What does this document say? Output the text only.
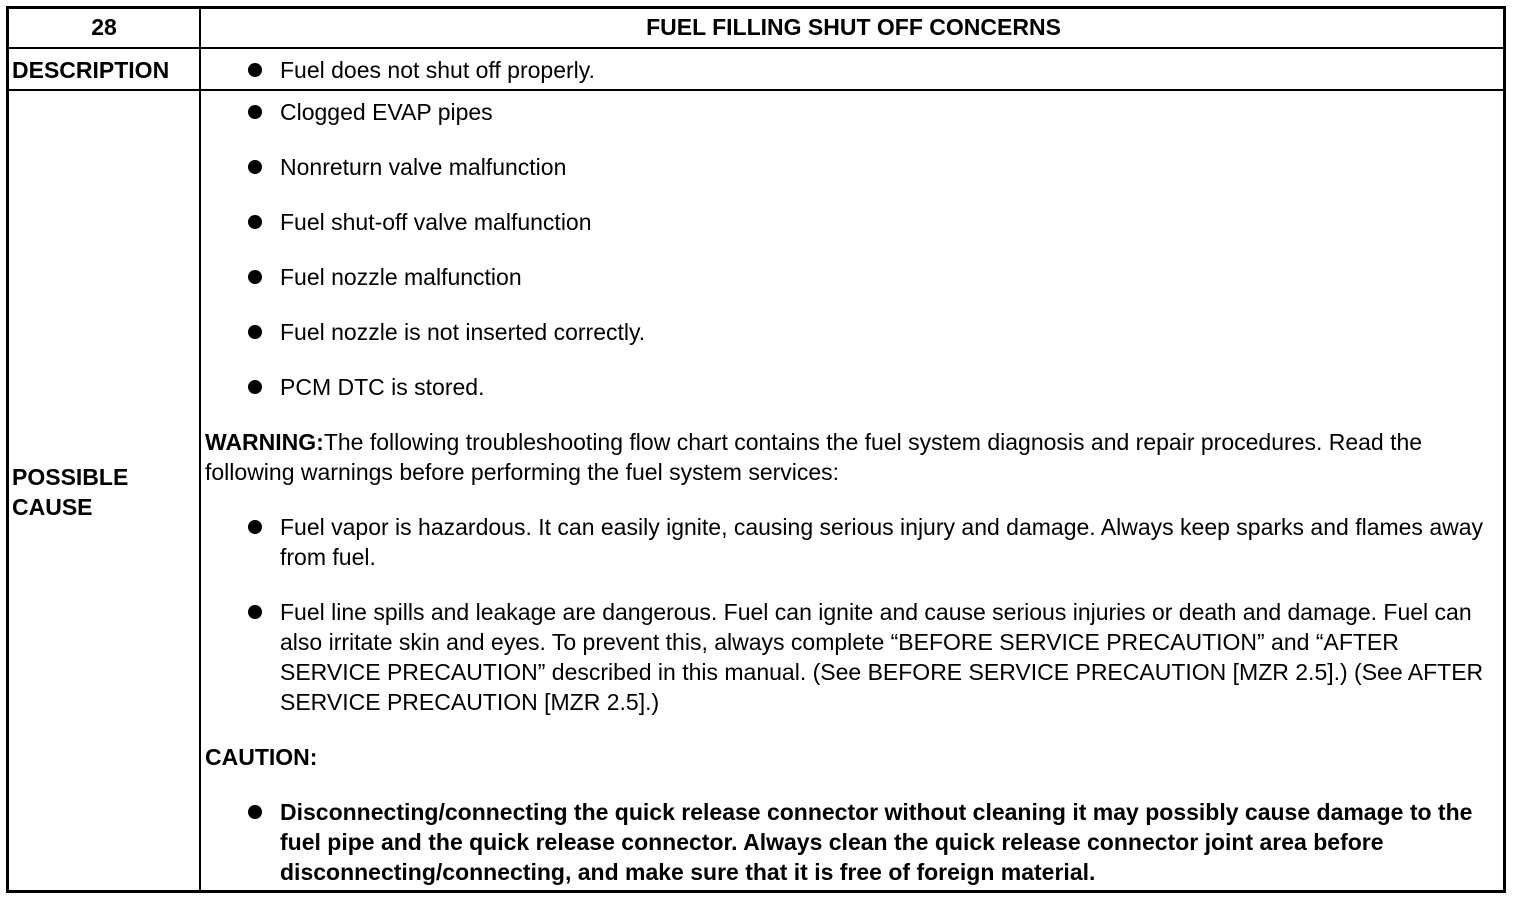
28	FUEL FILLING SHUT OFF CONCERNS
DESCRIPTION
POSSIBLE CAUSE
Fuel does not shut off properly.
Clogged EVAP pipes
Nonreturn valve malfunction
Fuel shut-off valve malfunction
Fuel nozzle malfunction
Fuel nozzle is not inserted correctly.
PCM DTC is stored.
WARNING:The following troubleshooting flow chart contains the fuel system diagnosis and repair procedures. Read the following warnings before performing the fuel system services:
Fuel vapor is hazardous. It can easily ignite, causing serious injury and damage. Always keep sparks and flames away from fuel.
Fuel line spills and leakage are dangerous. Fuel can ignite and cause serious injuries or death and damage. Fuel can also irritate skin and eyes. To prevent this, always complete “BEFORE SERVICE PRECAUTION” and “AFTER SERVICE PRECAUTION” described in this manual. (See BEFORE SERVICE PRECAUTION [MZR 2.5].) (See AFTER SERVICE PRECAUTION [MZR 2.5].)
CAUTION:
Disconnecting/connecting the quick release connector without cleaning it may possibly cause damage to the fuel pipe and the quick release connector. Always clean the quick release connector joint area before disconnecting/connecting, and make sure that it is free of foreign material.
